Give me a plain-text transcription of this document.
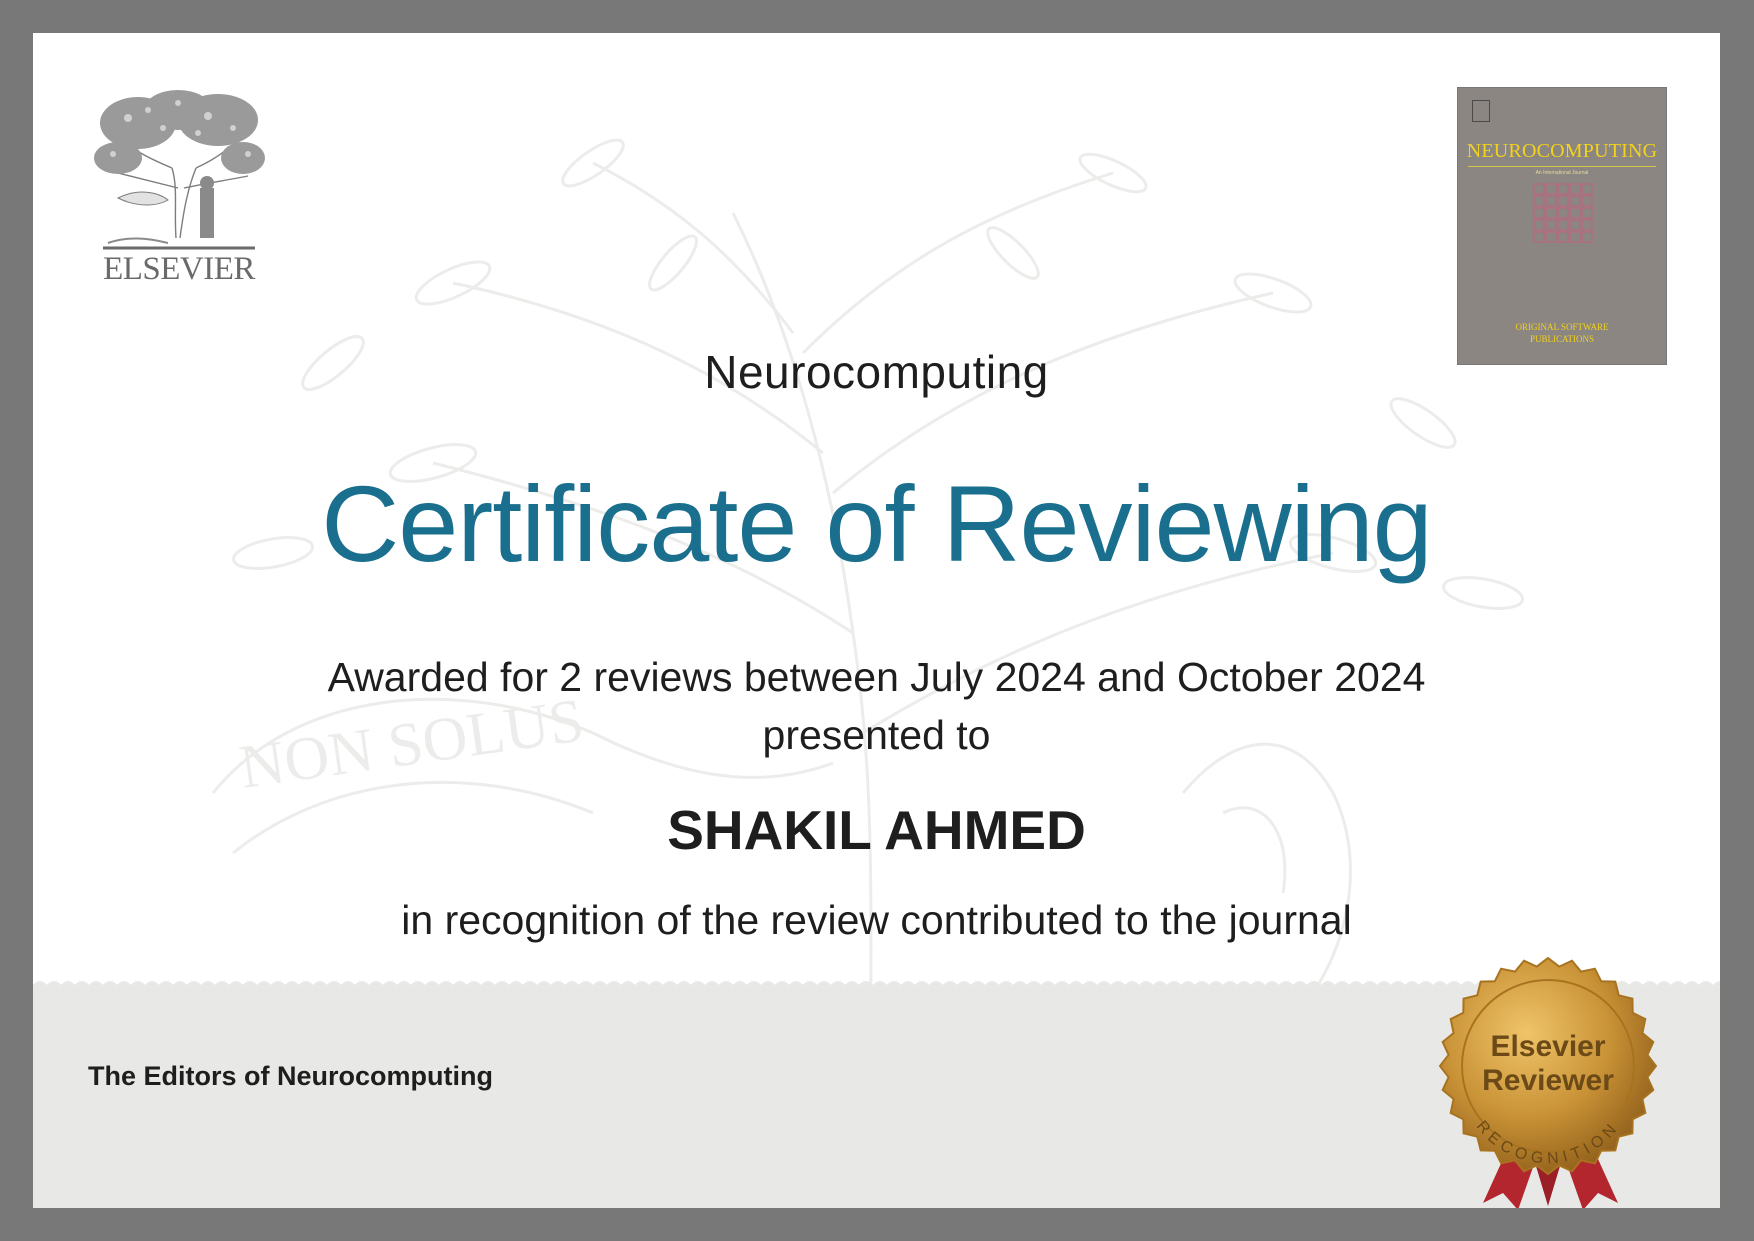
NON SOLUS
ELSEVIER
NEUROCOMPUTING
An International Journal
ORIGINAL SOFTWARE
PUBLICATIONS
Neurocomputing
Certificate of Reviewing
Awarded for 2 reviews between July 2024 and October 2024
presented to
SHAKIL AHMED
in recognition of the review contributed to the journal
The Editors of Neurocomputing
Elsevier
Reviewer
RECOGNITION
